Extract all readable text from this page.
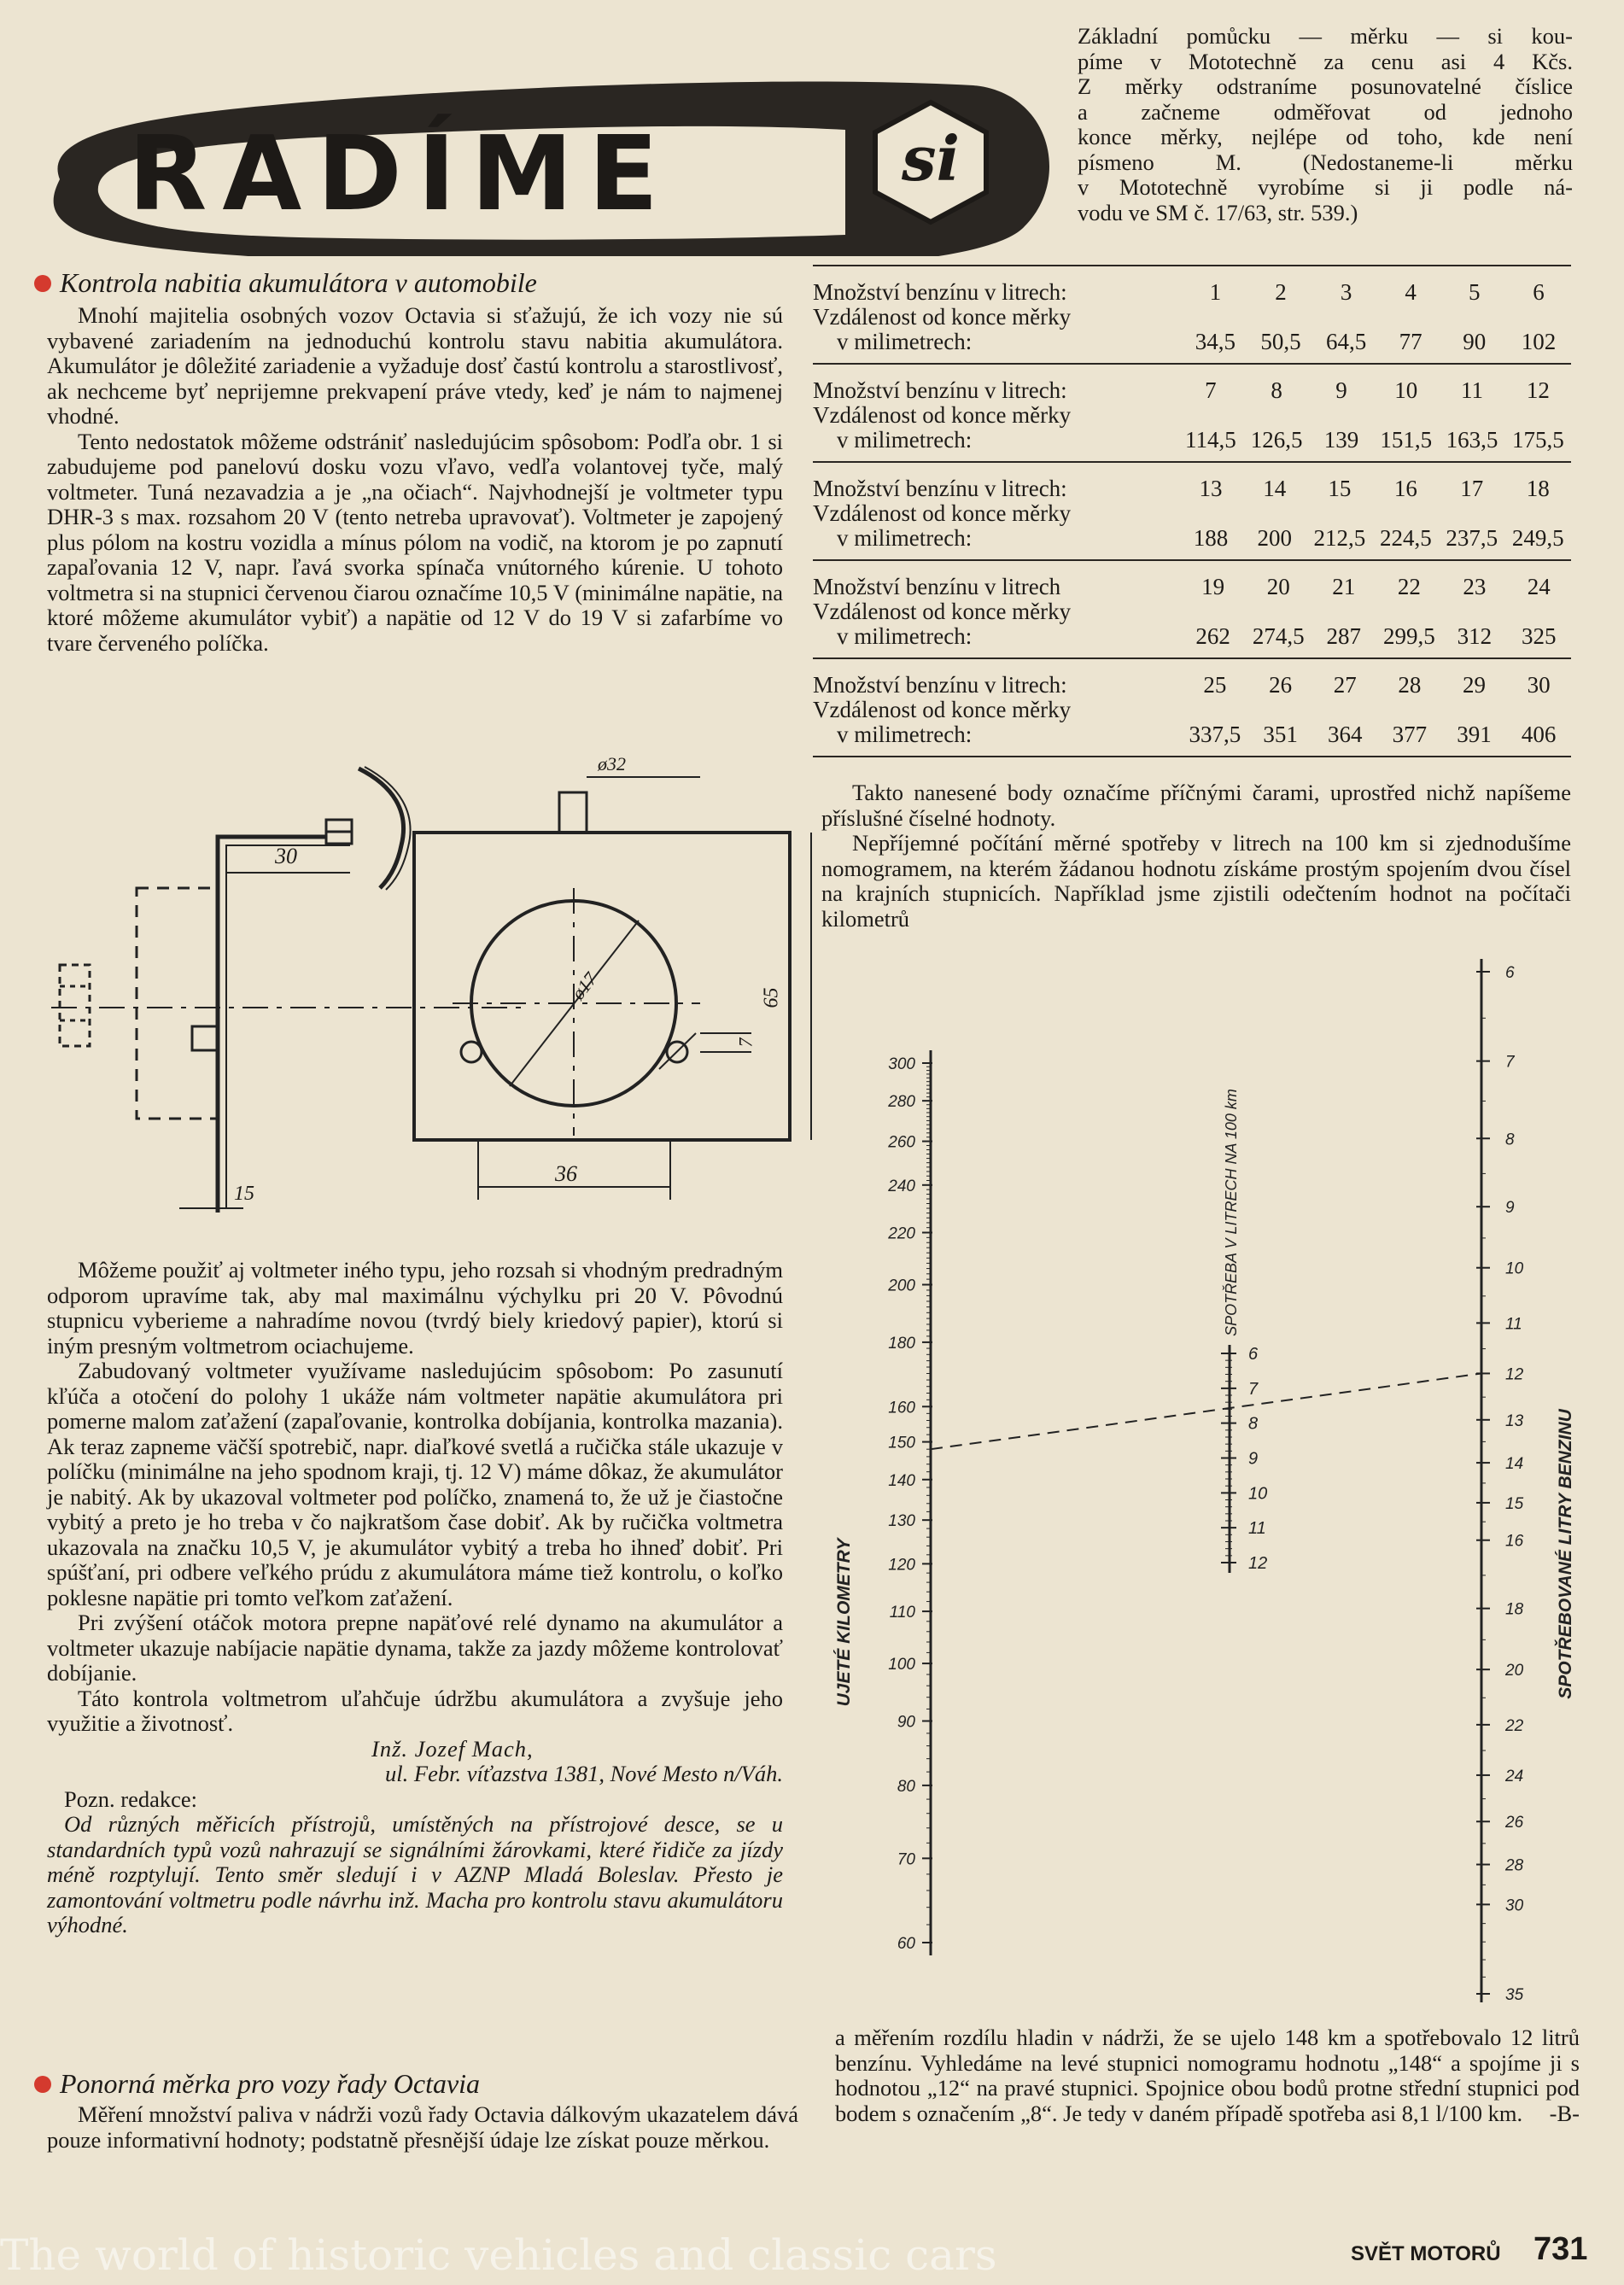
RADÍME	si
Základní pomůcku — měrku — si kou-
píme v Mototechně za cenu asi 4 Kčs.
Z měrky odstraníme posunovatelné číslice
a začneme odměřovat od jednoho
konce měrky, nejlépe od toho, kde není
písmeno M. (Nedostaneme-li měrku
v Mototechně vyrobíme si ji podle ná-
vodu ve SM č. 17/63, str. 539.)
Kontrola nabitia akumulátora v automobile

Mnohí majitelia osobných vozov Octavia si sťažujú, že ich vozy nie sú vybavené zariadením na jednoduchú kontrolu stavu nabitia akumulátora. Akumulátor je dôležité zariadenie a vyžaduje dosť častú kontrolu a starostlivosť, ak nechceme byť neprijemne prekvapení práve vtedy, keď je nám to najmenej vhodné.

Tento nedostatok môžeme odstrániť nasledujúcim spôsobom: Podľa obr. 1 si zabudujeme pod panelovú dosku vozu vľavo, vedľa volantovej tyče, malý voltmeter. Tuná nezavadzia a je „na očiach“. Najvhodnejší je voltmeter typu DHR-3 s max. rozsahom 20 V (tento netreba upravovať). Voltmeter je zapojený plus pólom na kostru vozidla a mínus pólom na vodič, na ktorom je po zapnutí zapaľovania 12 V, napr. ľavá svorka spínača vnútorného kúrenie. U tohoto voltmetra si na stupnici červenou čiarou označíme 10,5 V (minimálne napätie, na ktoré môžeme akumulátor vybiť) a napätie od 12 V do 19 V si zafarbíme vo tvare červeného políčka.

30
ø32
ø17	65
7
15
36

Môžeme použiť aj voltmeter iného typu, jeho rozsah si vhodným predradným odporom upravíme tak, aby mal maximálnu výchylku pri 20 V. Pôvodnú stupnicu vyberieme a nahradíme novou (tvrdý biely kriedový papier), ktorú si iným presným voltmetrom ociachujeme.

Zabudovaný voltmeter využívame nasledujúcim spôsobom: Po zasunutí kľúča a otočení do polohy 1 ukáže nám voltmeter napätie akumulátora pri pomerne malom zaťažení (zapaľovanie, kontrolka dobíjania, kontrolka mazania). Ak teraz zapneme väčší spotrebič, napr. diaľkové svetlá a ručička stále ukazuje v políčku (minimálne na jeho spodnom kraji, tj. 12 V) máme dôkaz, že akumulátor je nabitý. Ak by ukazoval voltmeter pod políčko, znamená to, že už je čiastočne vybitý a preto je ho treba v čo najkratšom čase dobiť. Ak by ručička voltmetra ukazovala na značku 10,5 V, je akumulátor vybitý a treba ho ihneď dobiť. Pri spúšťaní, pri odbere veľkého prúdu z akumulátora máme tiež kontrolu, o koľko poklesne napätie pri tomto veľkom zaťažení.

Pri zvýšení otáčok motora prepne napäťové relé dynamo na akumulátor a voltmeter ukazuje nabíjacie napätie dynama, takže za jazdy môžeme kontrolovať dobíjanie.

Táto kontrola voltmetrom uľahčuje údržbu akumulátora a zvyšuje jeho využitie a životnosť.

Inž. Jozef Mach,
ul. Febr. víťazstva 1381, Nové Mesto n/Váh.
Pozn. redakce:

Od různých měřicích přístrojů, umístěných na přístrojové desce, se u standardních typů vozů nahrazují se signálními žárovkami, které řidiče za jízdy méně rozptylují. Tento směr sledují i v AZNP Mladá Boleslav. Přesto je zamontování voltmetru podle návrhu inž. Macha pro kontrolu stavu akumulátoru výhodné.

Ponorná měrka pro vozy řady Octavia

Měření množství paliva v nádrži vozů řady Octavia dálkovým ukazatelem dává pouze informativní hodnoty; podstatně přesnější údaje lze získat pouze měrkou.

Množství benzínu v litrech:	1	2	3	4	5	6
Vzdálenost od konce měrky						
v milimetrech:	34,5	50,5	64,5	77	90	102
Množství benzínu v litrech:	7	8	9	10	11	12
Vzdálenost od konce měrky						
v milimetrech:	114,5	126,5	139	151,5	163,5	175,5
Množství benzínu v litrech:	13	14	15	16	17	18
Vzdálenost od konce měrky						
v milimetrech:	188	200	212,5	224,5	237,5	249,5
Množství benzínu v litrech	19	20	21	22	23	24
Vzdálenost od konce měrky						
v milimetrech:	262	274,5	287	299,5	312	325
Množství benzínu v litrech:	25	26	27	28	29	30
Vzdálenost od konce měrky						
v milimetrech:	337,5	351	364	377	391	406

Takto nanesené body označíme příčnými čarami, uprostřed nichž napíšeme příslušné číselné hodnoty.

Nepříjemné počítání měrné spotřeby v litrech na 100 km si zjednodušíme nomogramem, na kterém žádanou hodnotu získáme prostým spojením dvou čísel na krajních stupnicích. Například jsme zjistili odečtením hodnot na počítači kilometrů

300
280
260
240
220
200
180
160
150
140
130
120
110
100
90
80
70
60
UJETÉ KILOMETRY
6
7
8
9
10
11
12
SPOTŘEBA V LITRECH NA 100 km
6
7
8
9
10
11
12
13
14
15
16
18
20
22
24
26
28
30
35
SPOTŘEBOVANÉ LITRY BENZINU

a měřením rozdílu hladin v nádrži, že se ujelo 148 km a spotřebovalo 12 litrů benzínu. Vyhledáme na levé stupnici nomogramu hodnotu „148“ a spojíme ji s hodnotou „12“ na pravé stupnici. Spojnice obou bodů protne střední stupnici pod bodem s označením „8“. Je tedy v daném případě spotřeba asi 8,1 l/100 km.	-B-
The world of historic vehicles and classic cars	SVĚT MOTORŮ 731
